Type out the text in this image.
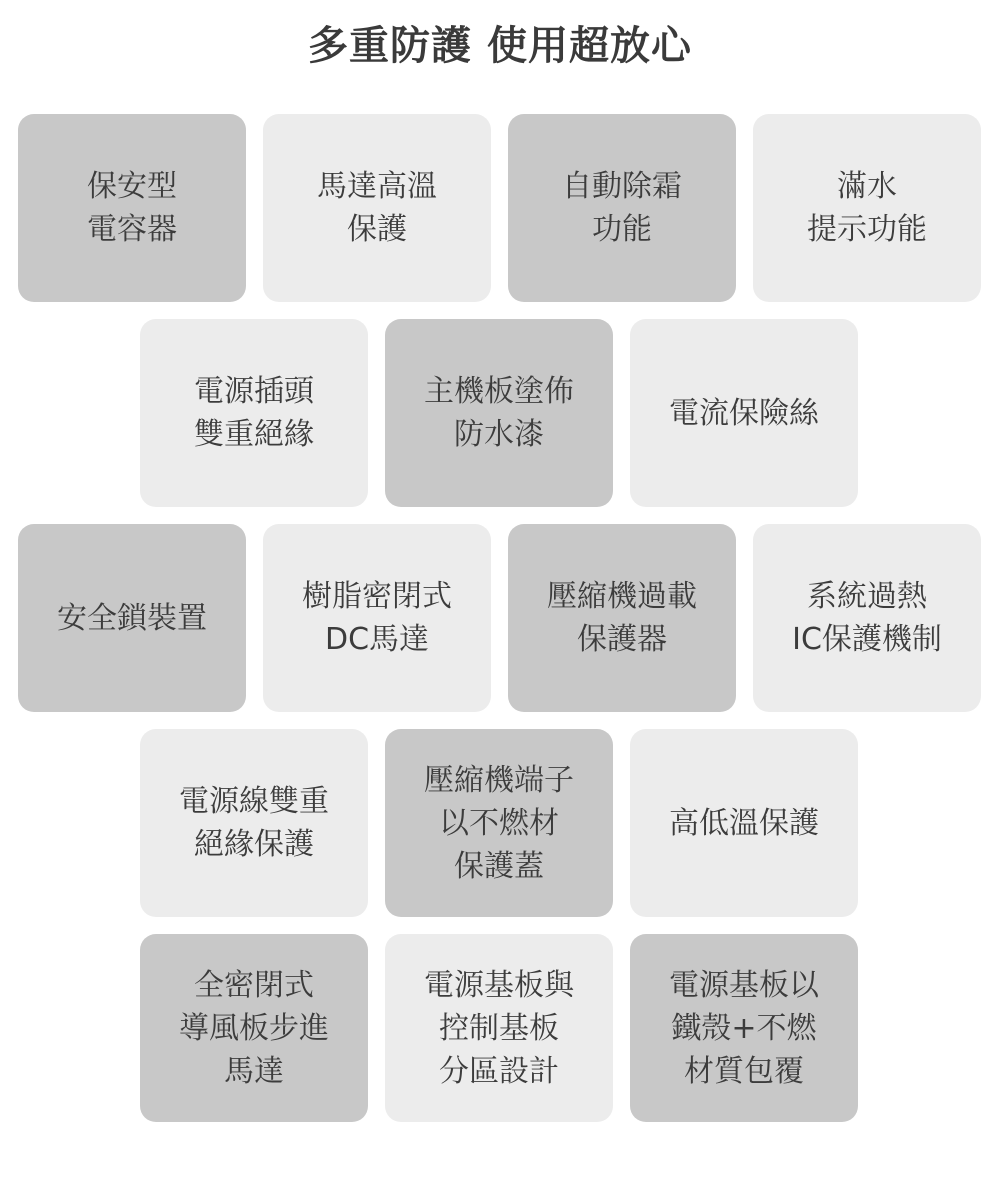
多重防護 使用超放心
保安型
電容器
馬達高溫
保護
自動除霜
功能
滿水
提示功能
電源插頭
雙重絕緣
主機板塗佈
防水漆
電流保險絲
安全鎖裝置
樹脂密閉式
DC馬達
壓縮機過載
保護器
系統過熱
IC保護機制
電源線雙重
絕緣保護
壓縮機端子
以不燃材
保護蓋
高低溫保護
全密閉式
導風板步進
馬達
電源基板與
控制基板
分區設計
電源基板以
鐵殼+不燃
材質包覆
